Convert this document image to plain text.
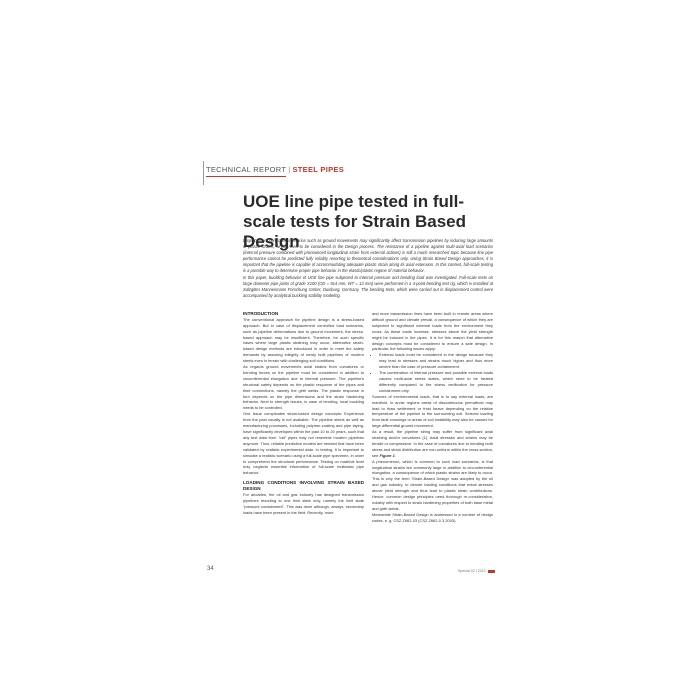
TECHNICAL REPORT | STEEL PIPES
UOE line pipe tested in full-scale tests for Strain Based Design

Displacement controlled scenarios such as ground movements may significantly affect transmission pipelines by inducing large amounts of plastic strains, which need to be considered in the Design process. The resistance of a pipeline against multi-axial load scenarios (internal pressure combined with pronounced longitudinal strain from external actions) is still a much researched topic because line pipe performance cannot be predicted fully reliably resorting to theoretical considerations only. Using Strain Based Design approaches, it is important that the pipeline is capable of accommodating adequate plastic strain along its axial extension. In this context, full-scale testing is a possible way to determine proper pipe behavior in the elastic/plastic regime of material behavior.

In this paper, buckling behavior of UOE line pipe subjected to internal pressure and bending load was investigated. Full-scale tests on large diameter pipe joints of grade X100 (OD = 914 mm, WT = 13 mm) were performed in a 4-point-bending test rig, which is installed at Salzgitter Mannesmann Forschung GmbH, Duisburg, Germany. The bending tests, which were carried out in displacement control were accompanied by analytical buckling stability modeling.

INTRODUCTION

The conventional approach for pipeline design is a stress-based approach. But in case of displacement controlled load scenarios, such as pipeline deformations due to ground movement, the stress-based approach may be insufficient. Therefore, for such specific cases where large plastic straining may occur, alternative strain-based design methods are introduced in order to meet the safety demands by assuring integrity of newly built pipelines of modern steels even in terrain with challenging soil conditions.

As regards ground movements axial strains from curvatures or bending forces on the pipeline must be considered in addition to circumferential elongation due to internal pressure. The pipeline's structural safety depends on the plastic response of the pipes and their connections, namely the girth welds. The plastic response in turn depends on the pipe dimensions and the strain hardening behavior. Next to strength issues, in case of bending, local buckling needs to be controlled.

One issue complicates strain-based design concepts: Experience from the past usually is not available. The pipeline steels as well as manufacturing processes, including polymer-coating and pipe laying, have significantly developed within the past 10 to 20 years, such that any test data from "old" pipes may not resemble modern pipelines anymore. Thus, reliable predictive models are needed that have been validated by realistic experimental data. In testing, it is important to simulate a realistic scenario using a full-scale pipe specimen, in order to comprehend the structural performance. Testing on material level only neglects essential information of full-scale multiaxial pipe behavior.

LOADING CONDITIONS INVOLVING STRAIN BASED DESIGN

For decades, the oil and gas industry has designed transmission pipelines resorting to one limit state only, namely the limit state "pressure containment". This was done although, always, secondary loads have been present in the field. Recently, more

and more transmission lines have been built in remote areas where difficult ground and climate prevail, a consequence of which they are subjected to significant external loads from the environment they cross. As these loads increase, stresses above the yield strength might be induced in the pipes. It is for this reason that alternative design concepts must be considered to ensure a safe design. In particular, the following issues apply:

• External loads must be considered in the design because they may lead to stresses and strains much higher and thus more severe than the case of pressure containment.
• The combination of internal pressure and possible external loads causes multi-axial stress states, which need to be treated differently compared to the stress verification for pressure containment only.

Sources of environmental loads, that is to say external loads, are manifold. In arctic regions areas of discontinuous permafrost may lead to thaw settlement or frost heave depending on the relative temperature of the pipeline to the surrounding soil. Seismic loading from fault crossings or areas of soil instability may also be causes for large differential ground movement.

As a result, the pipeline string may suffer from significant axial straining and/or curvatures [1]. Axial stresses and strains may be tensile or compressive. In the case of curvatures due to bending both stress and strain distribution are non-uniform within the cross section, see Figure 1.

A phenomenon, which is common to such load scenarios, is that longitudinal strains are commonly large in addition to circumferential elongation, a consequence of which plastic strains are likely to occur. This is why the term 'Strain-Based Design' was adopted by the oil and gas industry, to denote loading conditions that entail stresses above yield strength and thus lead to plastic strain contributions. Hence, common design principles need thorough re-consideration, notably with respect to strain hardening properties of both base metal and girth welds.

Meanwhile Strain-Based Design is addressed in a number of design codes, e. g. CSZ Z662-03 (CSZ Z662-0 3 2003).

34	Special 02 | 2012
